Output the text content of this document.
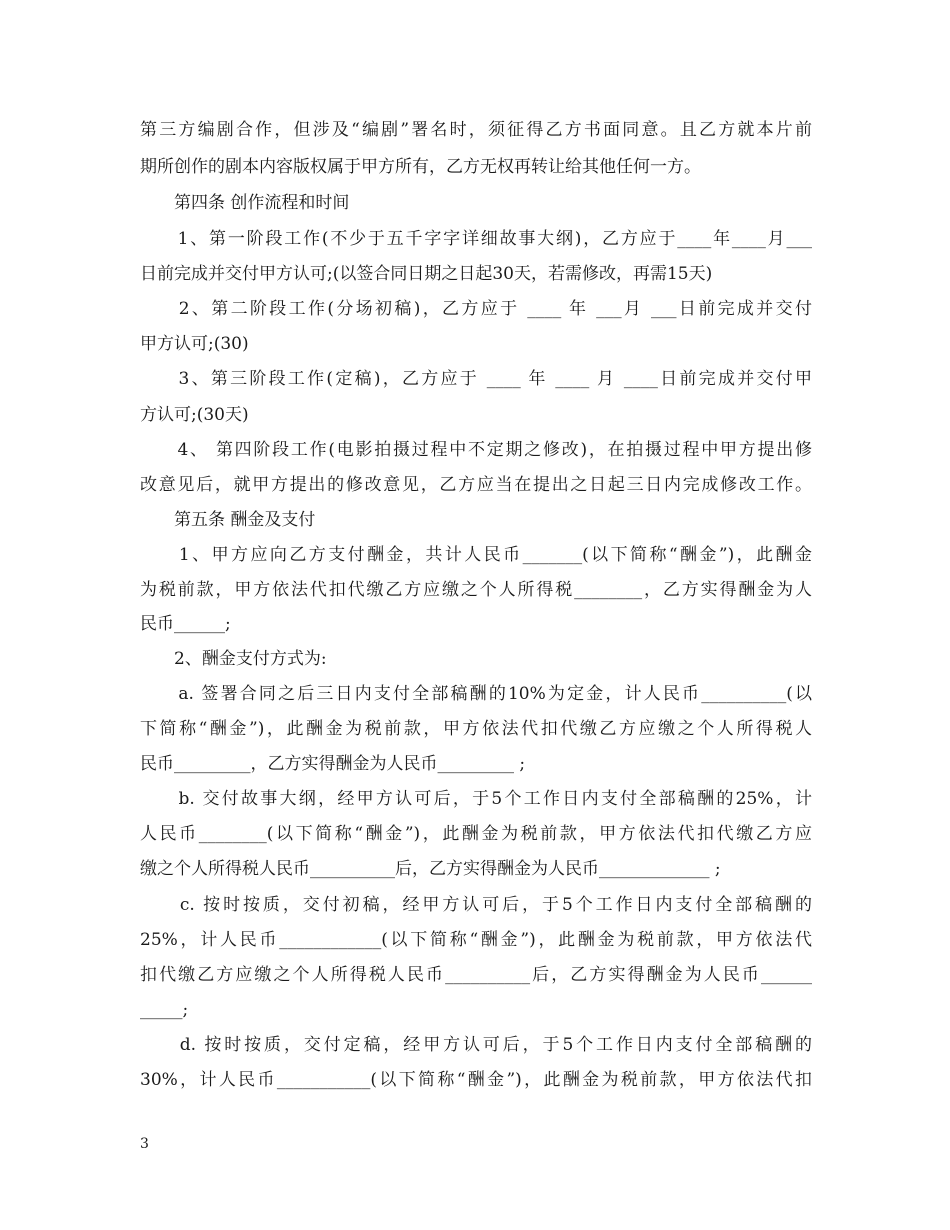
第三方编剧合作，但涉及“编剧”署名时，须征得乙方书面同意。且乙方就本片前
期所创作的剧本内容版权属于甲方所有，乙方无权再转让给其他任何一方。
　　第四条 创作流程和时间
　　1、第一阶段工作(不少于五千字字详细故事大纲)，乙方应于____年____月___
日前完成并交付甲方认可;(以签合同日期之日起30天，若需修改，再需15天)
　　2、第二阶段工作(分场初稿)，乙方应于 ____ 年 ___月 ___日前完成并交付
甲方认可;(30)
　　3、第三阶段工作(定稿)，乙方应于 ____ 年 ____ 月 ____日前完成并交付甲
方认可;(30天)
　　4、 第四阶段工作(电影拍摄过程中不定期之修改)，在拍摄过程中甲方提出修
改意见后，就甲方提出的修改意见，乙方应当在提出之日起三日内完成修改工作。
　　第五条 酬金及支付
　　1、甲方应向乙方支付酬金，共计人民币_______(以下简称“酬金”)，此酬金
为税前款，甲方依法代扣代缴乙方应缴之个人所得税________，乙方实得酬金为人
民币______;
　　2、酬金支付方式为:
　　a. 签署合同之后三日内支付全部稿酬的10%为定金，计人民币__________(以
下简称“酬金”)，此酬金为税前款，甲方依法代扣代缴乙方应缴之个人所得税人
民币_________，乙方实得酬金为人民币_________ ;
　　b. 交付故事大纲，经甲方认可后，于5个工作日内支付全部稿酬的25%，计
人民币________(以下简称“酬金”)，此酬金为税前款，甲方依法代扣代缴乙方应
缴之个人所得税人民币__________后，乙方实得酬金为人民币_____________ ;
　　c. 按时按质，交付初稿，经甲方认可后，于5个工作日内支付全部稿酬的
25%，计人民币____________(以下简称“酬金”)，此酬金为税前款，甲方依法代
扣代缴乙方应缴之个人所得税人民币__________后，乙方实得酬金为人民币______
_____;
　　d. 按时按质，交付定稿，经甲方认可后，于5个工作日内支付全部稿酬的
30%，计人民币___________(以下简称“酬金”)，此酬金为税前款，甲方依法代扣
3
